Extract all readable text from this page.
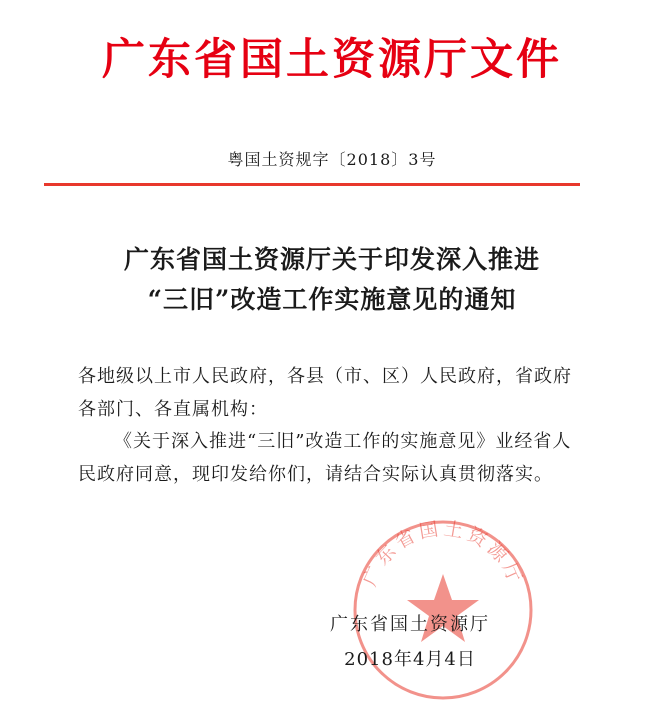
广东省国土资源厅文件
粤国土资规字〔2018〕3号
广东省国土资源厅关于印发深入推进
“三旧”改造工作实施意见的通知
各地级以上市人民政府，各县（市、区）人民政府，省政府
各部门、各直属机构：
《关于深入推进“三旧”改造工作的实施意见》业经省人
民政府同意，现印发给你们，请结合实际认真贯彻落实。
广东省国土资源厅
广东省国土资源厅
2018年4月4日
